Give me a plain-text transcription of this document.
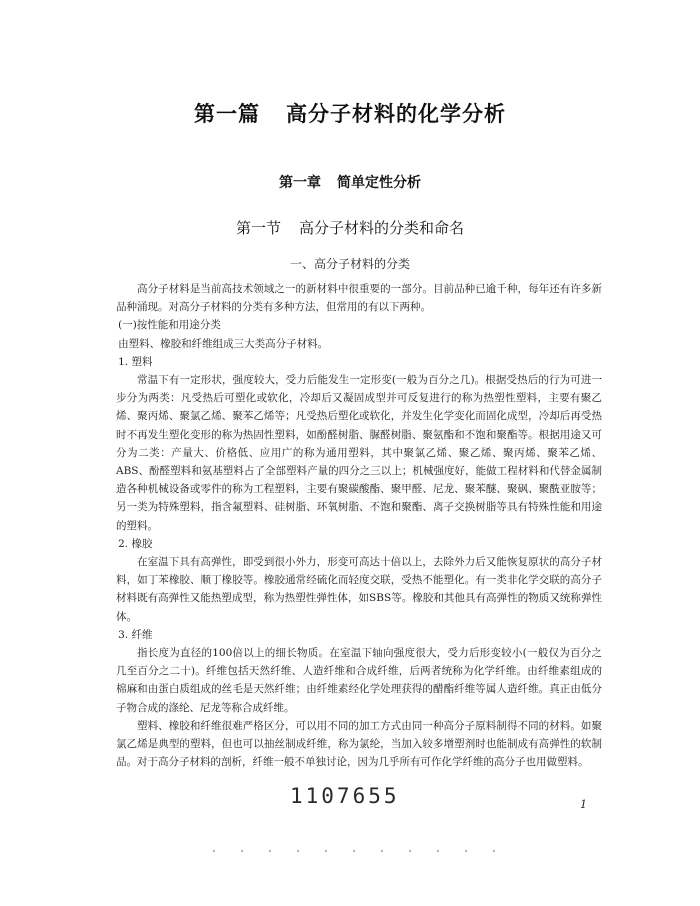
第一篇 高分子材料的化学分析
第一章 简单定性分析
第一节 高分子材料的分类和命名
一、高分子材料的分类

高分子材料是当前高技术领域之一的新材料中很重要的一部分。目前品种已逾千种，每年还有许多新品种涌现。对高分子材料的分类有多种方法，但常用的有以下两种。

(一)按性能和用途分类

由塑料、橡胶和纤维组成三大类高分子材料。

1. 塑料

常温下有一定形状，强度较大，受力后能发生一定形变(一般为百分之几)。根据受热后的行为可进一步分为两类：凡受热后可塑化或软化，冷却后又凝固成型并可反复进行的称为热塑性塑料，主要有聚乙烯、聚丙烯、聚氯乙烯、聚苯乙烯等；凡受热后塑化或软化，并发生化学变化而固化成型，冷却后再受热时不再发生塑化变形的称为热固性塑料，如酚醛树脂、脲醛树脂、聚氨酯和不饱和聚酯等。根据用途又可分为二类：产量大、价格低、应用广的称为通用塑料，其中聚氯乙烯、聚乙烯、聚丙烯、聚苯乙烯、ABS、酚醛塑料和氨基塑料占了全部塑料产量的四分之三以上；机械强度好，能做工程材料和代替金属制造各种机械设备或零件的称为工程塑料，主要有聚碳酸酯、聚甲醛、尼龙、聚苯醚、聚砜、聚酰亚胺等；另一类为特殊塑料，指含氟塑料、硅树脂、环氧树脂、不饱和聚酯、离子交换树脂等具有特殊性能和用途的塑料。

2. 橡胶

在室温下具有高弹性，即受到很小外力，形变可高达十倍以上，去除外力后又能恢复原状的高分子材料，如丁苯橡胶、顺丁橡胶等。橡胶通常经硫化而轻度交联，受热不能塑化。有一类非化学交联的高分子材料既有高弹性又能热塑成型，称为热塑性弹性体，如SBS等。橡胶和其他具有高弹性的物质又统称弹性体。

3. 纤维

指长度为直径的100倍以上的细长物质。在室温下轴向强度很大，受力后形变较小(一般仅为百分之几至百分之二十)。纤维包括天然纤维、人造纤维和合成纤维，后两者统称为化学纤维。由纤维素组成的棉麻和由蛋白质组成的丝毛是天然纤维；由纤维素经化学处理获得的醋酯纤维等属人造纤维。真正由低分子物合成的涤纶、尼龙等称合成纤维。

塑料、橡胶和纤维很难严格区分，可以用不同的加工方式由同一种高分子原料制得不同的材料。如聚氯乙烯是典型的塑料，但也可以抽丝制成纤维，称为氯纶，当加入较多增塑剂时也能制成有高弹性的软制品。对于高分子材料的剖析，纤维一般不单独讨论，因为几乎所有可作化学纤维的高分子也用做塑料。

1107655	1
